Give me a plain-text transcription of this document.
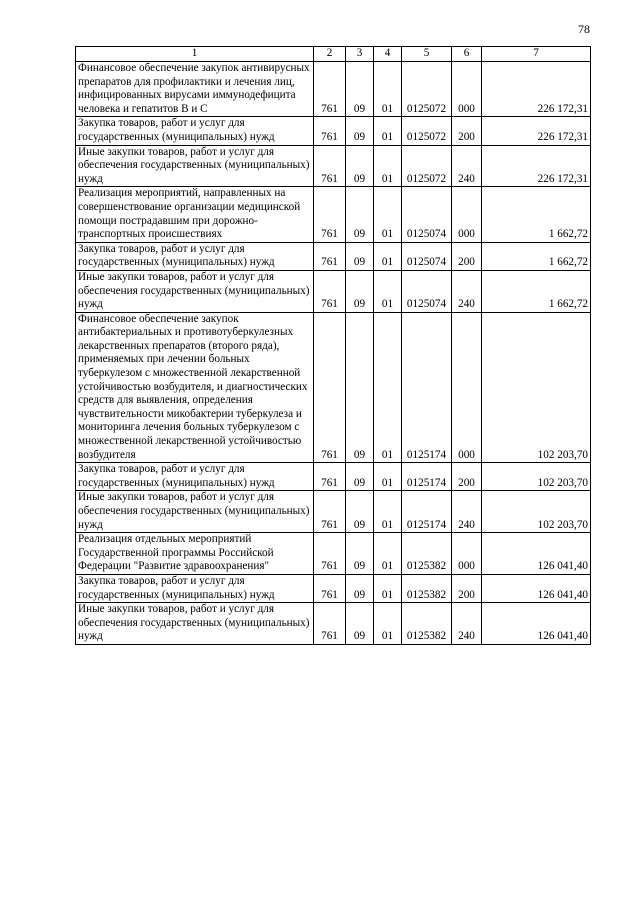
78
1	2	3	4	5	6	7
Финансовое обеспечение закупок антивирусных препаратов для профилактики и лечения лиц, инфицированных вирусами иммунодефицита человека и гепатитов В и С	761	09	01	0125072	000	226 172,31
Закупка товаров, работ и услуг для государственных (муниципальных) нужд	761	09	01	0125072	200	226 172,31
Иные закупки товаров, работ и услуг для обеспечения государственных (муниципальных) нужд	761	09	01	0125072	240	226 172,31
Реализация мероприятий, направленных на совершенствование организации медицинской помощи пострадавшим при дорожно-транспортных происшествиях	761	09	01	0125074	000	1 662,72
Закупка товаров, работ и услуг для государственных (муниципальных) нужд	761	09	01	0125074	200	1 662,72
Иные закупки товаров, работ и услуг для обеспечения государственных (муниципальных) нужд	761	09	01	0125074	240	1 662,72
Финансовое обеспечение закупок антибактериальных и противотуберкулезных лекарственных препаратов (второго ряда), применяемых при лечении больных туберкулезом с множественной лекарственной устойчивостью возбудителя, и диагностических средств для выявления, определения чувствительности микобактерии туберкулеза и мониторинга лечения больных туберкулезом с множественной лекарственной устойчивостью возбудителя	761	09	01	0125174	000	102 203,70
Закупка товаров, работ и услуг для государственных (муниципальных) нужд	761	09	01	0125174	200	102 203,70
Иные закупки товаров, работ и услуг для обеспечения государственных (муниципальных) нужд	761	09	01	0125174	240	102 203,70
Реализация отдельных мероприятий Государственной программы Российской Федерации "Развитие здравоохранения"	761	09	01	0125382	000	126 041,40
Закупка товаров, работ и услуг для государственных (муниципальных) нужд	761	09	01	0125382	200	126 041,40
Иные закупки товаров, работ и услуг для обеспечения государственных (муниципальных) нужд	761	09	01	0125382	240	126 041,40
